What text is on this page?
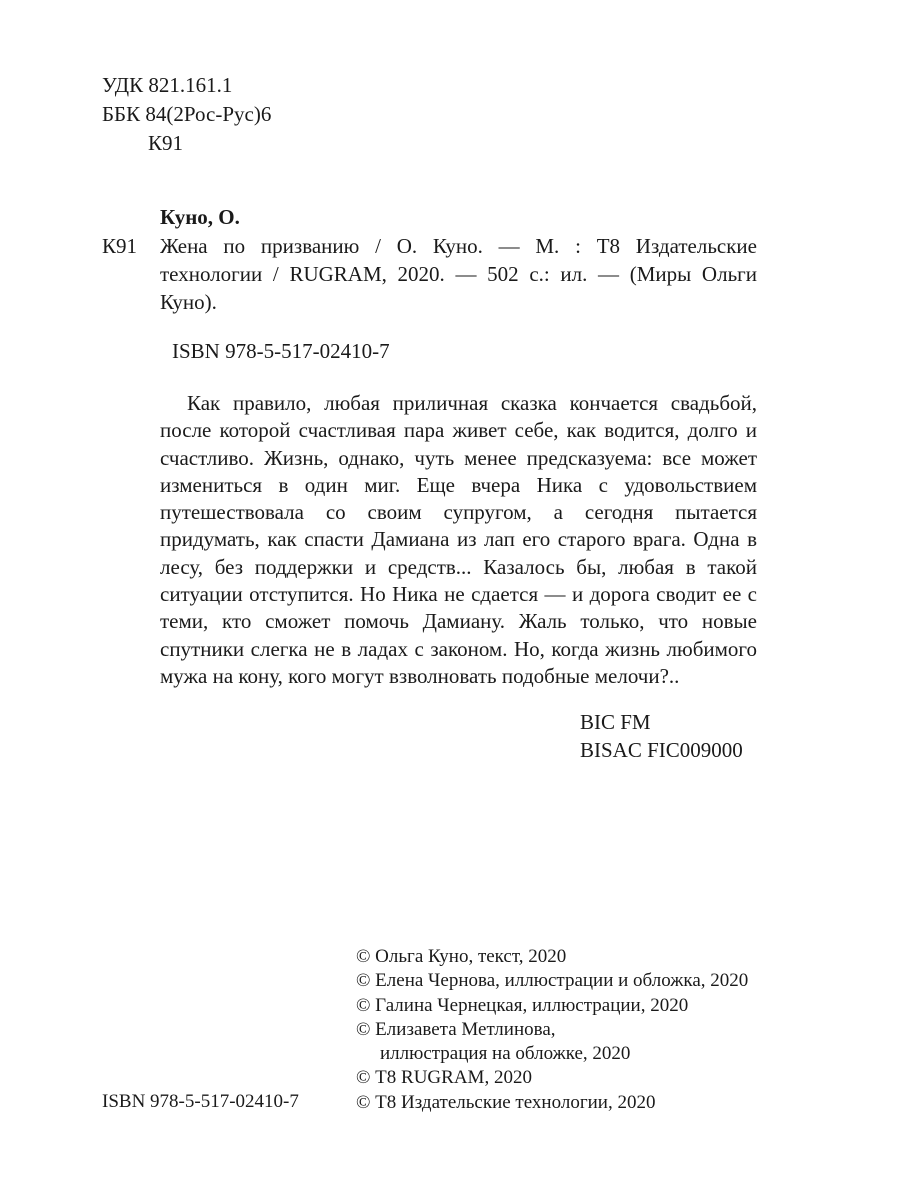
УДК 821.161.1
ББК 84(2Рос-Рус)6
К91
Куно, О.
К91 Жена по призванию / О. Куно. — М. : Т8 Издательские технологии / RUGRAM, 2020. — 502 с.: ил. — (Миры Ольги Куно).
ISBN 978-5-517-02410-7
Как правило, любая приличная сказка кончается свадьбой, после которой счастливая пара живет себе, как водится, долго и счастливо. Жизнь, однако, чуть менее предсказуема: все может измениться в один миг. Еще вчера Ника с удовольствием путешествовала со своим супругом, а сегодня пытается придумать, как спасти Дамиана из лап его старого врага. Одна в лесу, без поддержки и средств... Казалось бы, любая в такой ситуации отступится. Но Ника не сдается — и дорога сводит ее с теми, кто сможет помочь Дамиану. Жаль только, что новые спутники слегка не в ладах с законом. Но, когда жизнь любимого мужа на кону, кого могут взволновать подобные мелочи?..
BIC FM
BISAC FIC009000
© Ольга Куно, текст, 2020
© Елена Чернова, иллюстрации и обложка, 2020
© Галина Чернецкая, иллюстрации, 2020
© Елизавета Метлинова,
иллюстрация на обложке, 2020
© Т8 RUGRAM, 2020
© Т8 Издательские технологии, 2020
ISBN 978-5-517-02410-7
